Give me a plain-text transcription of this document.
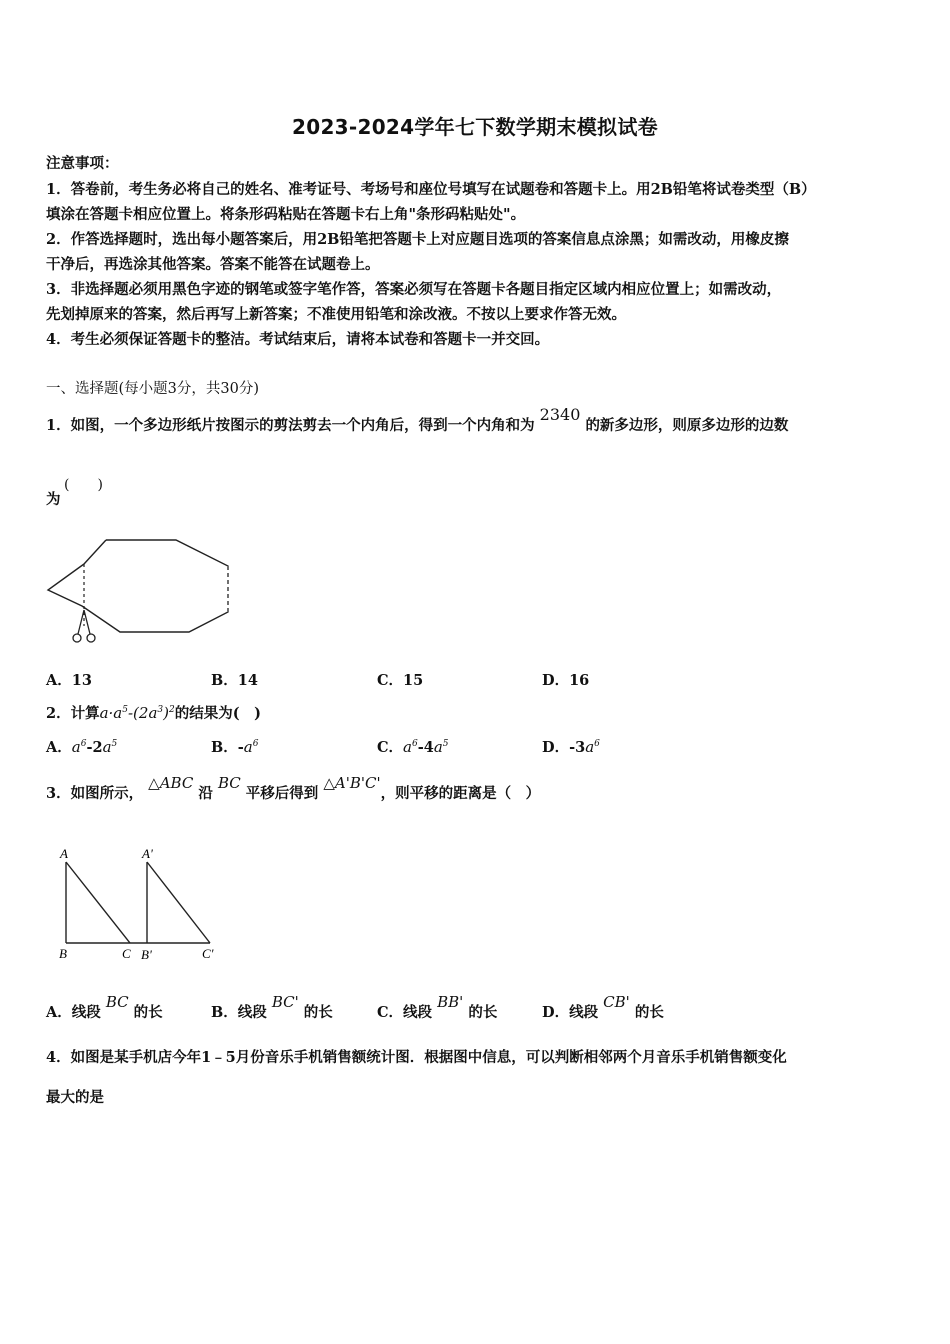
2023-2024学年七下数学期末模拟试卷
注意事项：
1．答卷前，考生务必将自己的姓名、准考证号、考场号和座位号填写在试题卷和答题卡上。用2B铅笔将试卷类型（B）
填涂在答题卡相应位置上。将条形码粘贴在答题卡右上角"条形码粘贴处"。
2．作答选择题时，选出每小题答案后，用2B铅笔把答题卡上对应题目选项的答案信息点涂黑；如需改动，用橡皮擦
干净后，再选涂其他答案。答案不能答在试题卷上。
3．非选择题必须用黑色字迹的钢笔或签字笔作答，答案必须写在答题卡各题目指定区域内相应位置上；如需改动，
先划掉原来的答案，然后再写上新答案；不准使用铅笔和涂改液。不按以上要求作答无效。
4．考生必须保证答题卡的整洁。考试结束后，请将本试卷和答题卡一并交回。
一、选择题(每小题3分，共30分)
1．如图，一个多边形纸片按图示的剪法剪去一个内角后，得到一个内角和为 2340 的新多边形，则原多边形的边数
为
(　　)
A．13	B．14	C．15	D．16
2．计算$a\cdot a^5-(2a^3)^2$的结果为(　)
A．$a^6-2a^5$	B．$-a^6$	C．$a^6-4a^5$	D．$-3a^6$
3．如图所示， △ABC 沿 BC 平移后得到 △A'B'C'，则平移的距离是（　）
A
B	C
A'
B'	C'
A．线段 BC 的长	B．线段 BC' 的长	C．线段 BB' 的长	D．线段 CB' 的长
4．如图是某手机店今年1﹣5月份音乐手机销售额统计图．根据图中信息，可以判断相邻两个月音乐手机销售额变化
最大的是
